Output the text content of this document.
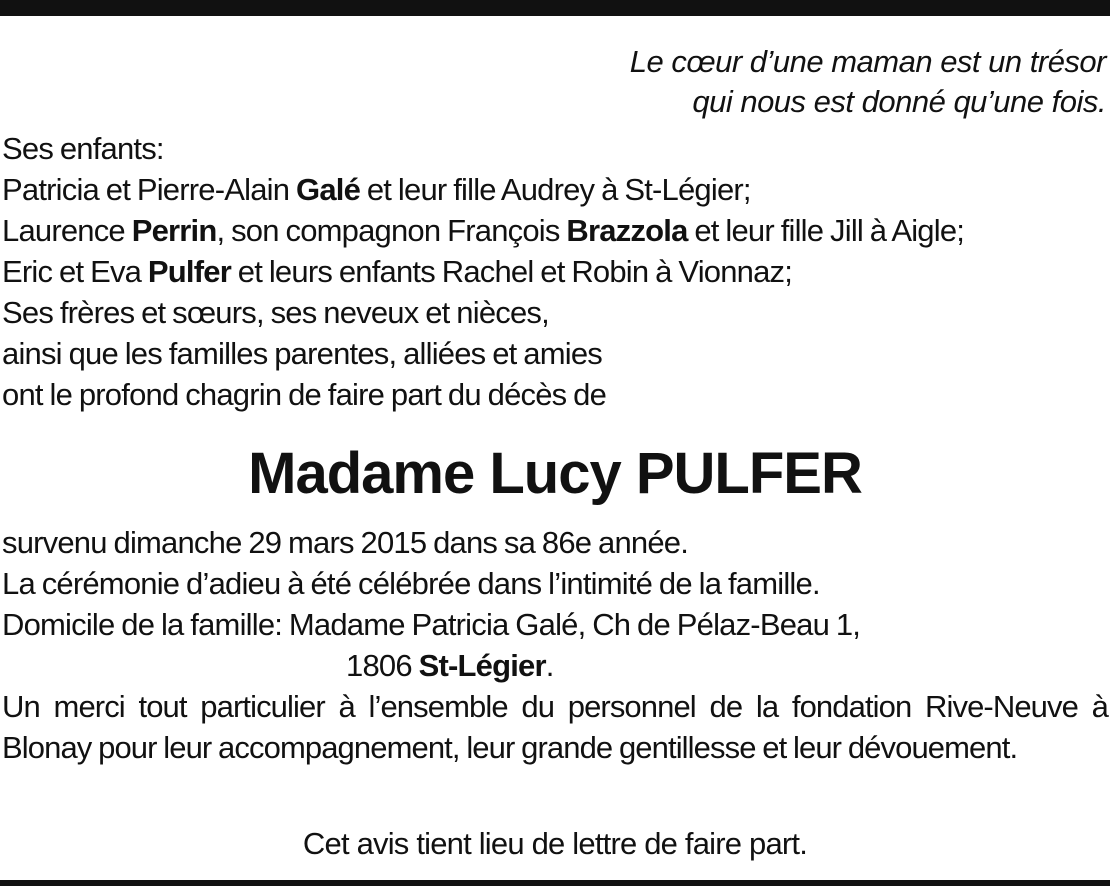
Le cœur d’une maman est un trésor
qui nous est donné qu’une fois.
Ses enfants:
Patricia et Pierre-Alain Galé et leur fille Audrey à St-Légier;
Laurence Perrin, son compagnon François Brazzola et leur fille Jill à Aigle;
Eric et Eva Pulfer et leurs enfants Rachel et Robin à Vionnaz;
Ses frères et sœurs, ses neveux et nièces,
ainsi que les familles parentes, alliées et amies
ont le profond chagrin de faire part du décès de
Madame Lucy PULFER
survenu dimanche 29 mars 2015 dans sa 86e année.
La cérémonie d’adieu à été célébrée dans l’intimité de la famille.
Domicile de la famille: Madame Patricia Galé, Ch de Pélaz-Beau 1,
1806 St-Légier.
Un merci tout particulier à l’ensemble du personnel de la fondation Rive-Neuve à Blonay pour leur accompagnement, leur grande gentillesse et leur dévouement.
Cet avis tient lieu de lettre de faire part.
